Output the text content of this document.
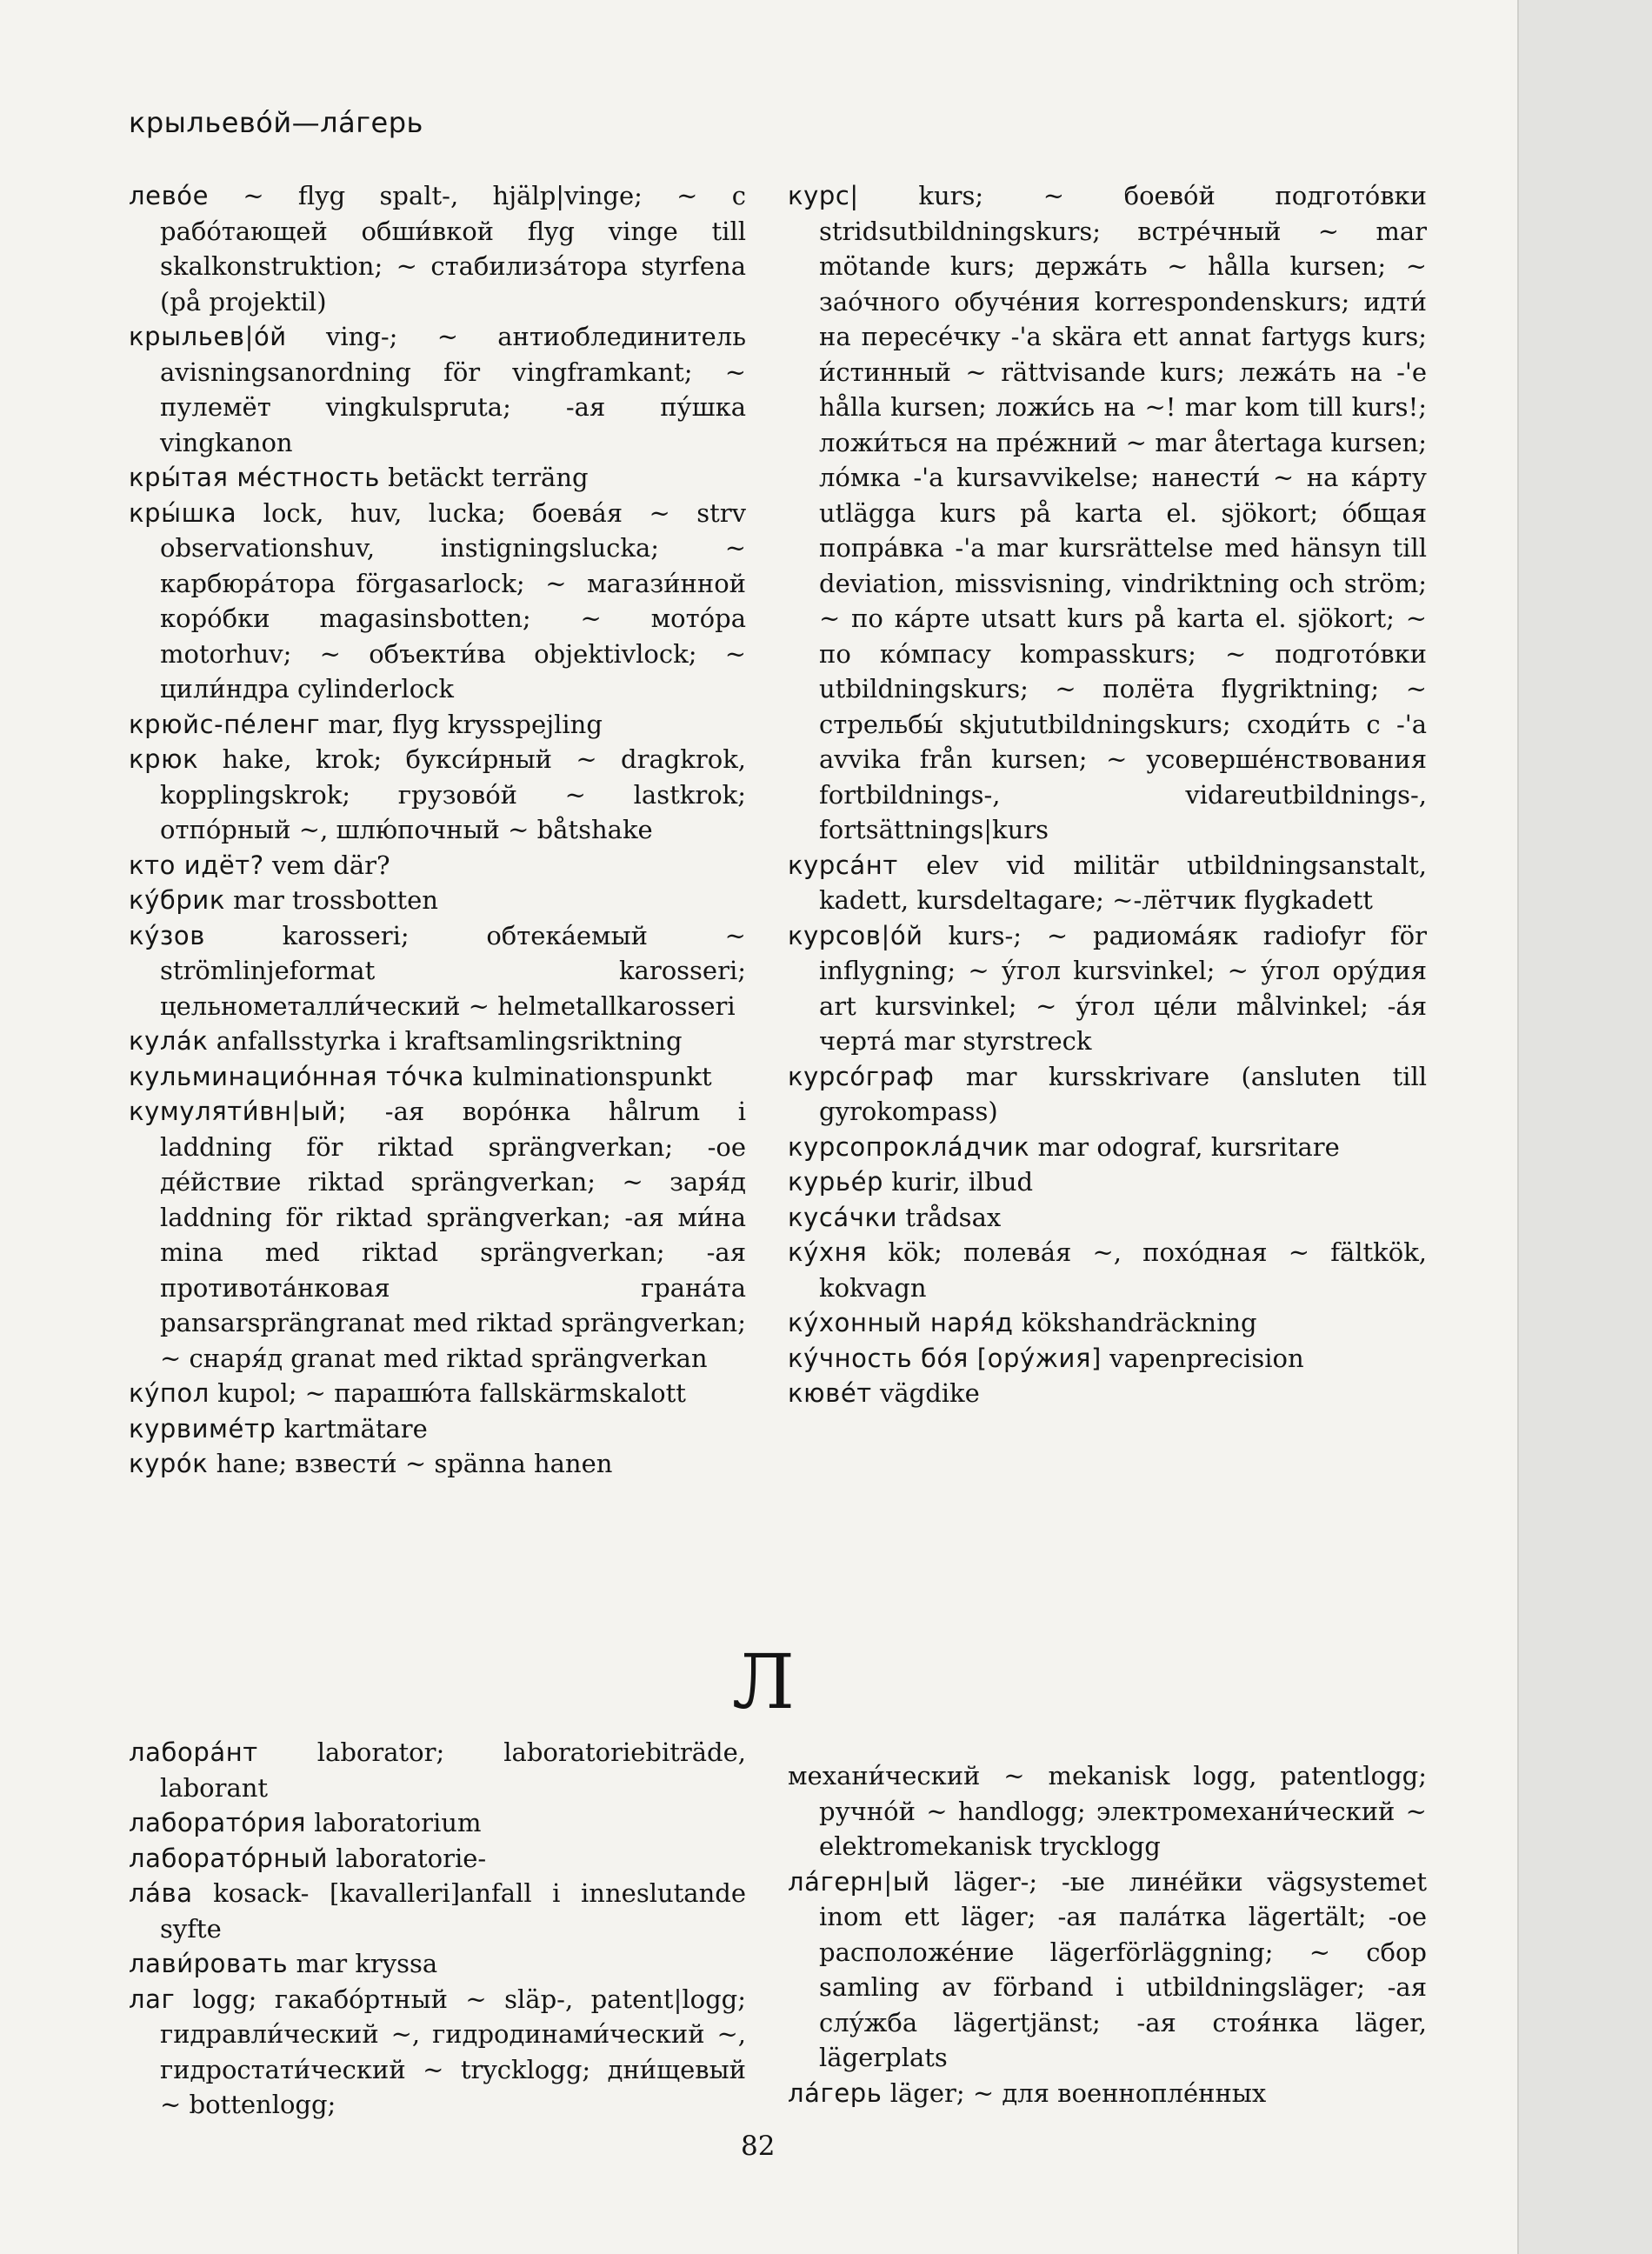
крыльево́й—ла́герь
лево́е ~ flyg spalt-, hjälp|vinge; ~ с рабо́тающей обши́вкой flyg vinge till skalkonstruktion; ~ стабилиза́тора styrfena (på projektil)
крыльев|о́й ving-; ~ антиоблединитель avisningsanordning för vingframkant; ~ пулемёт vingkulspruta; -ая пу́шка vingkanon
кры́тая ме́стность betäckt terräng
кры́шка lock, huv, lucka; боева́я ~ strv observationshuv, instigningslucka; ~ карбюра́тора förgasarlock; ~ магази́нной коро́бки magasinsbotten; ~ мото́ра motorhuv; ~ объекти́ва objektivlock; ~ цили́ндра cylinderlock
крюйс-пе́ленг mar, flyg krysspejling
крюк hake, krok; букси́рный ~ dragkrok, kopplingskrok; грузово́й ~ lastkrok; отпо́рный ~, шлю́почный ~ båtshake
кто идёт? vem där?
ку́брик mar trossbotten
ку́зов karosseri; обтека́емый ~ strömlinjeformat karosseri; цельнометалли́ческий ~ helmetallkarosseri
кула́к anfallsstyrka i kraftsamlingsriktning
кульминацио́нная то́чка kulminationspunkt
кумуляти́вн|ый; -ая воро́нка hålrum i laddning för riktad sprängverkan; -ое де́йствие riktad sprängverkan; ~ заря́д laddning för riktad sprängverkan; -ая ми́на mina med riktad sprängverkan; -ая противота́нковая грана́та pansarsprängranat med riktad sprängverkan; ~ снаря́д granat med riktad sprängverkan
ку́пол kupol; ~ парашю́та fallskärmskalott
курвиме́тр kartmätare
куро́к hane; взвести́ ~ spänna hanen
курс| kurs; ~ боево́й подгото́вки stridsutbildningskurs; встре́чный ~ mar mötande kurs; держа́ть ~ hålla kursen; ~ зао́чного обуче́ния korrespondenskurs; идти́ на пересе́чку -'а skära ett annat fartygs kurs; и́стинный ~ rättvisande kurs; лежа́ть на -'е hålla kursen; ложи́сь на ~! mar kom till kurs!; ложи́ться на пре́жний ~ mar återtaga kursen; ло́мка -'а kursavvikelse; нанести́ ~ на ка́рту utlägga kurs på karta el. sjökort; о́бщая попра́вка -'а mar kursrättelse med hänsyn till deviation, missvisning, vindriktning och ström; ~ по ка́рте utsatt kurs på karta el. sjökort; ~ по ко́мпасу kompasskurs; ~ подгото́вки utbildningskurs; ~ полёта flygriktning; ~ стрельбы́ skjututbildningskurs; сходи́ть с -'а avvika från kursen; ~ усоверше́нствования fortbildnings-, vidareutbildnings-, fortsättnings|kurs
курса́нт elev vid militär utbildningsanstalt, kadett, kursdeltagare; ~-лётчик flygkadett
курсов|о́й kurs-; ~ радиома́як radiofyr för inflygning; ~ у́гол kursvinkel; ~ у́гол ору́дия art kursvinkel; ~ у́гол це́ли målvinkel; -а́я черта́ mar styrstreck
курсо́граф mar kursskrivare (ansluten till gyrokompass)
курсопрокла́дчик mar odograf, kursritare
курье́р kurir, ilbud
куса́чки trådsax
ку́хня kök; полева́я ~, похо́дная ~ fältkök, kokvagn
ку́хонный наря́д kökshandräckning
ку́чность бо́я [ору́жия] vapenprecision
кюве́т vägdike
Л
лабора́нт laborator; laboratoriebiträde, laborant
лаборато́рия laboratorium
лаборато́рный laboratorie-
ла́ва kosack- [kavalleri]anfall i inneslutande syfte
лави́ровать mar kryssa
лаг logg; гакабо́ртный ~ släp-, patent|logg; гидравли́ческий ~, гидродинами́ческий ~, гидростати́ческий ~ trycklogg; дни́щевый ~ bottenlogg;
механи́ческий ~ mekanisk logg, patentlogg; ручно́й ~ handlogg; электромехани́ческий ~ elektromekanisk trycklogg
ла́герн|ый läger-; -ые лине́йки vägsystemet inom ett läger; -ая пала́тка lägertält; -ое расположе́ние lägerförläggning; ~ сбор samling av förband i utbildningsläger; -ая слу́жба lägertjänst; -ая стоя́нка läger, lägerplats
ла́герь läger; ~ для военнопле́нных
82
